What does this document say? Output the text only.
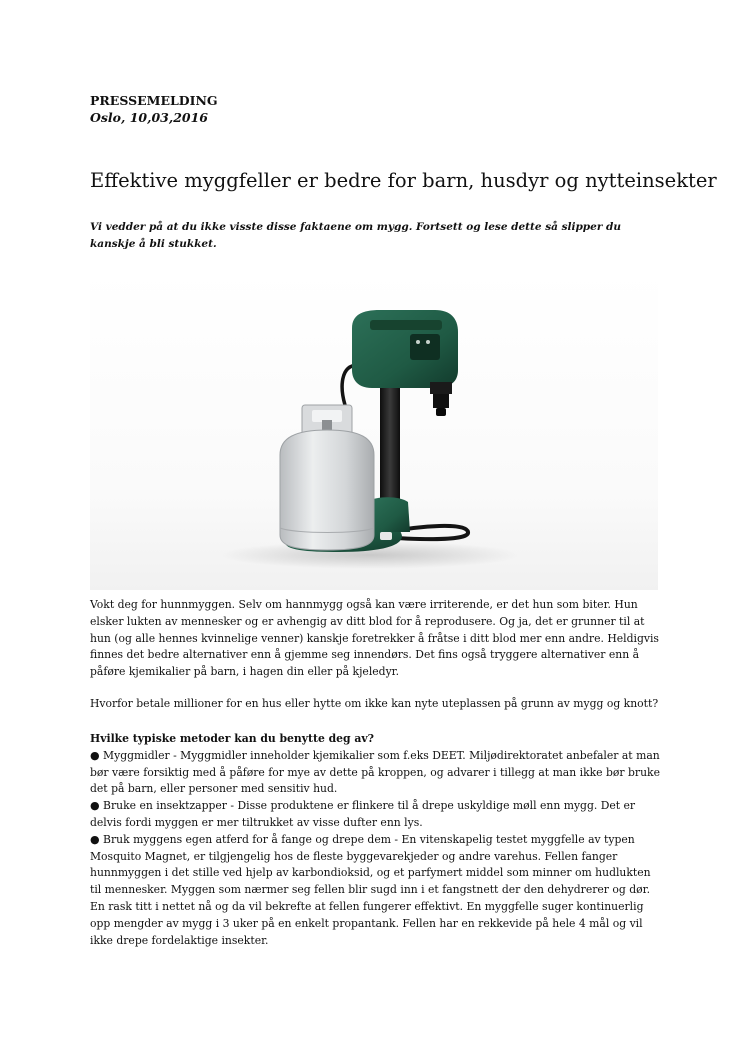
PRESSEMELDING
Oslo, 10,03,2016
Effektive myggfeller er bedre for barn, husdyr og nytteinsekter

Vi vedder på at du ikke visste disse faktaene om mygg. Fortsett og lese dette så slipper du kanskje å bli stukket.

Vokt deg for hunnmyggen. Selv om hannmygg også kan være irriterende, er det hun som biter. Hun elsker lukten av mennesker og er avhengig av ditt blod for å reprodusere. Og ja, det er grunner til at hun (og alle hennes kvinnelige venner) kanskje foretrekker å fråtse i ditt blod mer enn andre. Heldigvis finnes det bedre alternativer enn å gjemme seg innendørs. Det fins også tryggere alternativer enn å påføre kjemikalier på barn, i hagen din eller på kjeledyr.

Hvorfor betale millioner for en hus eller hytte om ikke kan nyte uteplassen på grunn av mygg og knott?

Hvilke typiske metoder kan du benytte deg av?
● Myggmidler - Myggmidler inneholder kjemikalier som f.eks DEET. Miljødirektoratet anbefaler at man bør være forsiktig med å påføre for mye av dette på kroppen, og advarer i tillegg at man ikke bør bruke det på barn, eller personer med sensitiv hud.
● Bruke en insektzapper - Disse produktene er flinkere til å drepe uskyldige møll enn mygg. Det er delvis fordi myggen er mer tiltrukket av visse dufter enn lys.
● Bruk myggens egen atferd for å fange og drepe dem - En vitenskapelig testet myggfelle av typen Mosquito Magnet, er tilgjengelig hos de fleste byggevarekjeder og andre varehus. Fellen fanger hunnmyggen i det stille ved hjelp av karbondioksid, og et parfymert middel som minner om hudlukten til mennesker. Myggen som nærmer seg fellen blir sugd inn i et fangstnett der den dehydrerer og dør. En rask titt i nettet nå og da vil bekrefte at fellen fungerer effektivt. En myggfelle suger kontinuerlig opp mengder av mygg i 3 uker på en enkelt propantank. Fellen har en rekkevide på hele 4 mål og vil ikke drepe fordelaktige insekter.
